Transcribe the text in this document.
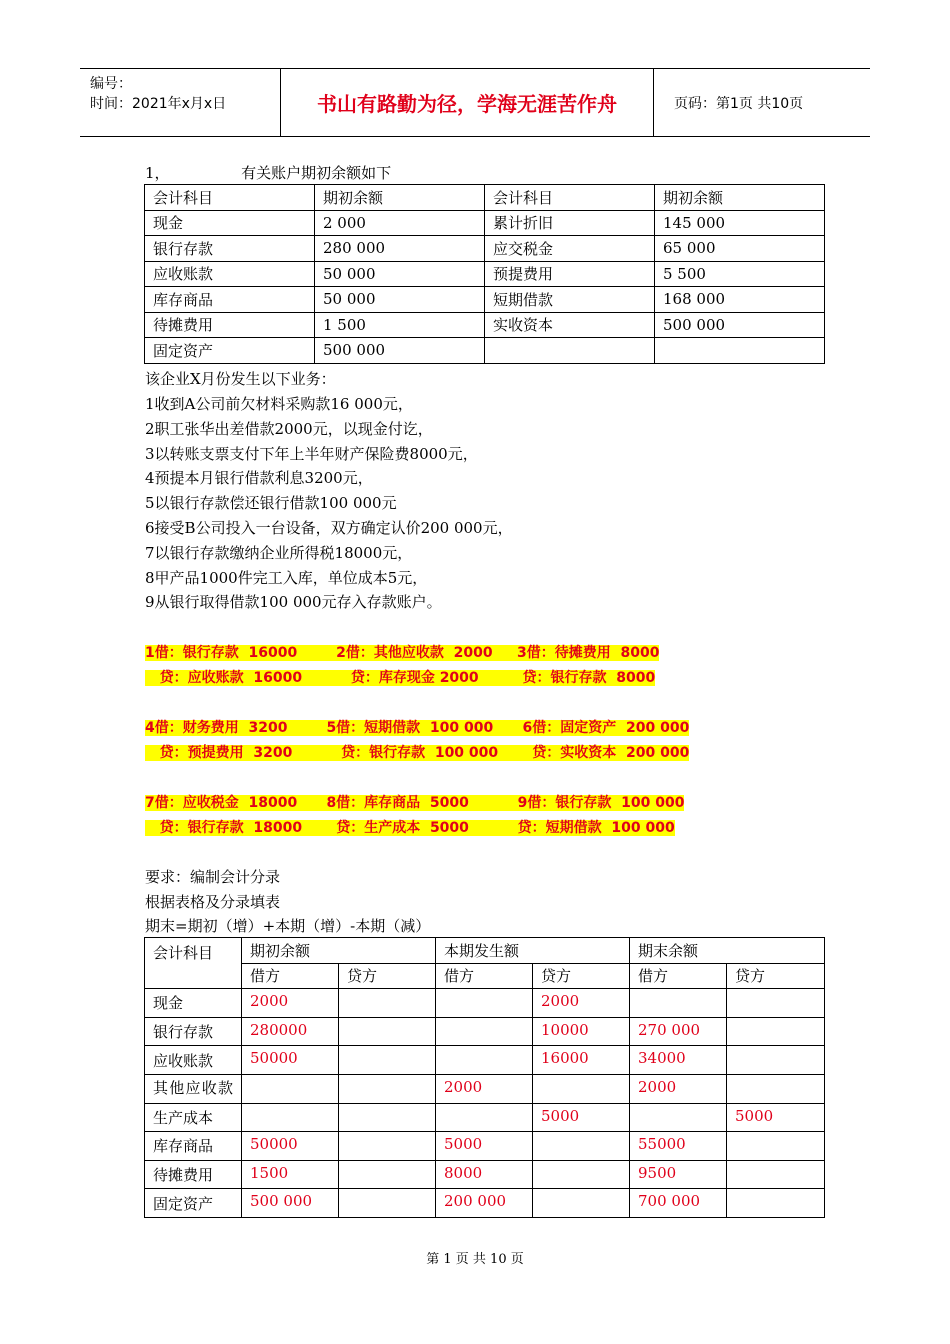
编号：
时间：2021年x月x日	书山有路勤为径，学海无涯苦作舟	页码：第1页 共10页
1，               有关账户期初余额如下
会计科目	期初余额	会计科目	期初余额
现金	2 000	累计折旧	145 000
银行存款	280 000	应交税金	65 000
应收账款	50 000	预提费用	5 500
库存商品	50 000	短期借款	168 000
待摊费用	1 500	实收资本	500 000
固定资产	500 000		
该企业X月份发生以下业务：
1收到A公司前欠材料采购款16 000元，
2职工张华出差借款2000元，以现金付讫，
3以转账支票支付下年上半年财产保险费8000元，
4预提本月银行借款利息3200元，
5以银行存款偿还银行借款100 000元
6接受B公司投入一台设备，双方确定认价200 000元，
7以银行存款缴纳企业所得税18000元，
8甲产品1000件完工入库，单位成本5元，
9从银行取得借款100 000元存入存款账户。
1借：银行存款  16000        2借：其他应收款  2000     3借：待摊费用  8000
贷：应收账款  16000          贷：库存现金 2000         贷：银行存款  8000
4借：财务费用  3200        5借：短期借款  100 000      6借：固定资产  200 000
贷：预提费用  3200          贷：银行存款  100 000       贷：实收资本  200 000
7借：应收税金  18000      8借：库存商品  5000          9借：银行存款  100 000
贷：银行存款  18000       贷：生产成本  5000          贷：短期借款  100 000
要求：编制会计分录
根据表格及分录填表
期末=期初（增）+本期（增）-本期（减）
会计科目	期初余额		本期发生额		期末余额	
	借方	贷方	借方	贷方	借方	贷方
现金	2000			2000		
银行存款	280000			10000	270 000	
应收账款	50000			16000	34000	
其他应收款			2000		2000	
生产成本				5000		5000
库存商品	50000		5000		55000	
待摊费用	1500		8000		9500	
固定资产	500 000		200 000		700 000	
第 1 页 共 10 页
